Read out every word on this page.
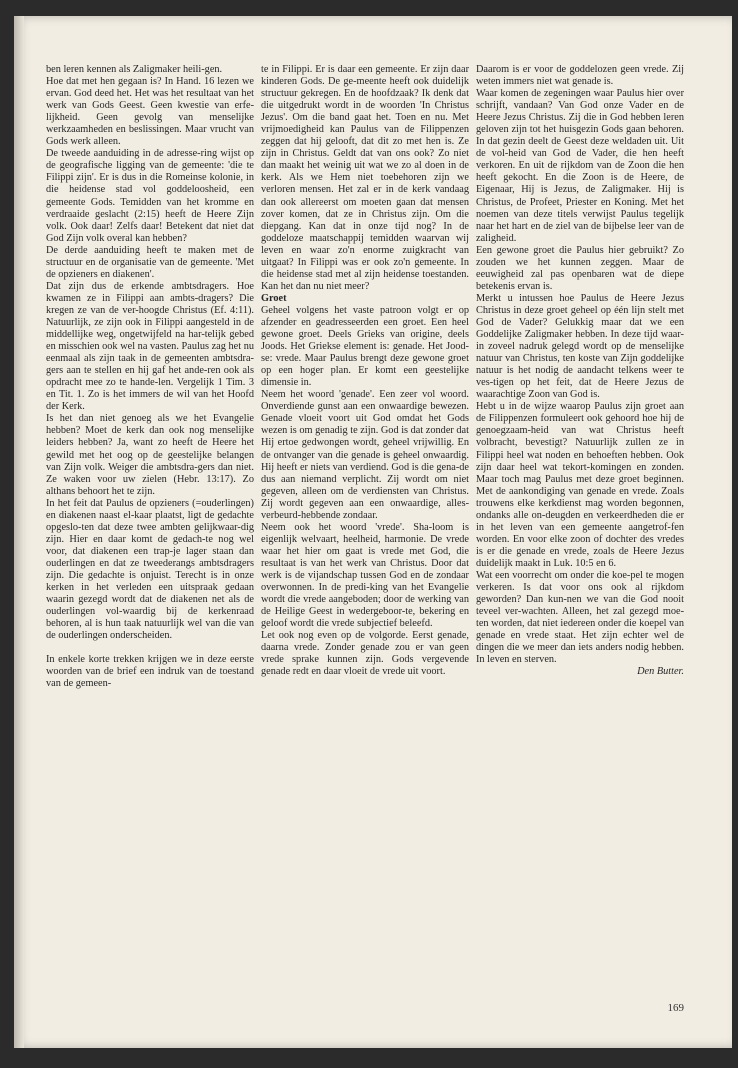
ben leren kennen als Zaligmaker heili-gen.

Hoe dat met hen gegaan is? In Hand. 16 lezen we ervan. God deed het. Het was het resultaat van het werk van Gods Geest. Geen kwestie van erfe-lijkheid. Geen gevolg van menselijke werkzaamheden en beslissingen. Maar vrucht van Gods werk alleen.

De tweede aanduiding in de adresse-ring wijst op de geografische ligging van de gemeente: 'die te Filippi zijn'. Er is dus in die Romeinse kolonie, in die heidense stad vol goddeloosheid, een gemeente Gods. Temidden van het kromme en verdraaide geslacht (2:15) heeft de Heere Zijn volk. Ook daar! Zelfs daar! Betekent dat niet dat God Zijn volk overal kan hebben?

De derde aanduiding heeft te maken met de structuur en de organisatie van de gemeente. 'Met de opzieners en diakenen'.

Dat zijn dus de erkende ambtsdragers. Hoe kwamen ze in Filippi aan ambts-dragers? Die kregen ze van de ver-hoogde Christus (Ef. 4:11). Natuurlijk, ze zijn ook in Filippi aangesteld in de middellijke weg, ongetwijfeld na har-telijk gebed en misschien ook wel na vasten. Paulus zag het nu eenmaal als zijn taak in de gemeenten ambtsdra-gers aan te stellen en hij gaf het ande-ren ook als opdracht mee zo te hande-len. Vergelijk 1 Tim. 3 en Tit. 1. Zo is het immers de wil van het Hoofd der Kerk.

Is het dan niet genoeg als we het Evangelie hebben? Moet de kerk dan ook nog menselijke leiders hebben? Ja, want zo heeft de Heere het gewild met het oog op de geestelijke belangen van Zijn volk. Weiger die ambtsdra-gers dan niet. Ze waken voor uw zielen (Hebr. 13:17). Zo althans behoort het te zijn.

In het feit dat Paulus de opzieners (=ouderlingen) en diakenen naast el-kaar plaatst, ligt de gedachte opgeslo-ten dat deze twee ambten gelijkwaar-dig zijn. Hier en daar komt de gedach-te nog wel voor, dat diakenen een trap-je lager staan dan ouderlingen en dat ze tweederangs ambtsdragers zijn. Die gedachte is onjuist. Terecht is in onze kerken in het verleden een uitspraak gedaan waarin gezegd wordt dat de diakenen net als de ouderlingen vol-waardig bij de kerkenraad behoren, al is hun taak natuurlijk wel van die van de ouderlingen onderscheiden.

In enkele korte trekken krijgen we in deze eerste woorden van de brief een indruk van de toestand van de gemeen-

te in Filippi. Er is daar een gemeente. Er zijn daar kinderen Gods. De ge-meente heeft ook duidelijk structuur gekregen. En de hoofdzaak? Ik denk dat die uitgedrukt wordt in de woorden 'In Christus Jezus'. Om die band gaat het. Toen en nu. Met vrijmoedigheid kan Paulus van de Filippenzen zeggen dat hij gelooft, dat dit zo met hen is. Ze zijn in Christus. Geldt dat van ons ook? Zo niet dan maakt het weinig uit wat we zo al doen in de kerk. Als we Hem niet toebehoren zijn we verloren mensen. Het zal er in de kerk vandaag dan ook allereerst om moeten gaan dat mensen zover komen, dat ze in Christus zijn. Om die diepgang. Kan dat in onze tijd nog? In de goddeloze maatschappij temidden waarvan wij leven en waar zo'n enorme zuigkracht van uitgaat? In Filippi was er ook zo'n gemeente. In die heidense stad met al zijn heidense toestanden. Kan het dan nu niet meer?

Groet

Geheel volgens het vaste patroon volgt er op afzender en geadresseerden een groet. Een heel gewone groet. Deels Grieks van origine, deels Joods. Het Griekse element is: genade. Het Jood-se: vrede. Maar Paulus brengt deze gewone groet op een hoger plan. Er komt een geestelijke dimensie in.

Neem het woord 'genade'. Een zeer vol woord. Onverdiende gunst aan een onwaardige bewezen. Genade vloeit voort uit God omdat het Gods wezen is om genadig te zijn. God is dat zonder dat Hij ertoe gedwongen wordt, geheel vrijwillig. En de ontvanger van die genade is geheel onwaardig. Hij heeft er niets van verdiend. God is die gena-de dus aan niemand verplicht. Zij wordt om niet gegeven, alleen om de verdiensten van Christus. Zij wordt gegeven aan een onwaardige, alles-verbeurd-hebbende zondaar.

Neem ook het woord 'vrede'. Sha-loom is eigenlijk welvaart, heelheid, harmonie. De vrede waar het hier om gaat is vrede met God, die resultaat is van het werk van Christus. Door dat werk is de vijandschap tussen God en de zondaar overwonnen. In de predi-king van het Evangelie wordt die vrede aangeboden; door de werking van de Heilige Geest in wedergeboor-te, bekering en geloof wordt die vrede subjectief beleefd.

Let ook nog even op de volgorde. Eerst genade, daarna vrede. Zonder genade zou er van geen vrede sprake kunnen zijn. Gods vergevende genade redt en daar vloeit de vrede uit voort.

Daarom is er voor de goddelozen geen vrede. Zij weten immers niet wat genade is.

Waar komen de zegeningen waar Paulus hier over schrijft, vandaan? Van God onze Vader en de Heere Jezus Christus. Zij die in God hebben leren geloven zijn tot het huisgezin Gods gaan behoren. In dat gezin deelt de Geest deze weldaden uit. Uit de vol-heid van God de Vader, die hen heeft verkoren. En uit de rijkdom van de Zoon die hen heeft gekocht. En die Zoon is de Heere, de Eigenaar, Hij is Jezus, de Zaligmaker. Hij is Christus, de Profeet, Priester en Koning. Met het noemen van deze titels verwijst Paulus tegelijk naar het hart en de ziel van de bijbelse leer van de zaligheid.

Een gewone groet die Paulus hier gebruikt? Zo zouden we het kunnen zeggen. Maar de eeuwigheid zal pas openbaren wat de diepe betekenis ervan is.

Merkt u intussen hoe Paulus de Heere Jezus Christus in deze groet geheel op één lijn stelt met God de Vader? Gelukkig maar dat we een Goddelijke Zaligmaker hebben. In deze tijd waar-in zoveel nadruk gelegd wordt op de menselijke natuur van Christus, ten koste van Zijn goddelijke natuur is het nodig de aandacht telkens weer te ves-tigen op het feit, dat de Heere Jezus de waarachtige Zoon van God is.

Hebt u in de wijze waarop Paulus zijn groet aan de Filippenzen formuleert ook gehoord hoe hij de genoegzaam-heid van wat Christus heeft volbracht, bevestigt? Natuurlijk zullen ze in Filippi heel wat noden en behoeften hebben. Ook zijn daar heel wat tekort-komingen en zonden. Maar toch mag Paulus met deze groet beginnen. Met de aankondiging van genade en vrede. Zoals trouwens elke kerkdienst mag worden begonnen, ondanks alle on-deugden en verkeerdheden die er in het leven van een gemeente aangetrof-fen worden. En voor elke zoon of dochter des vredes is er die genade en vrede, zoals de Heere Jezus duidelijk maakt in Luk. 10:5 en 6.

Wat een voorrecht om onder die koe-pel te mogen verkeren. Is dat voor ons ook al rijkdom geworden? Dan kun-nen we van die God nooit teveel ver-wachten. Alleen, het zal gezegd moe-ten worden, dat niet iedereen onder die koepel van genade en vrede staat. Het zijn echter wel de dingen die we meer dan iets anders nodig hebben. In leven en sterven.

Den Butter.

169
